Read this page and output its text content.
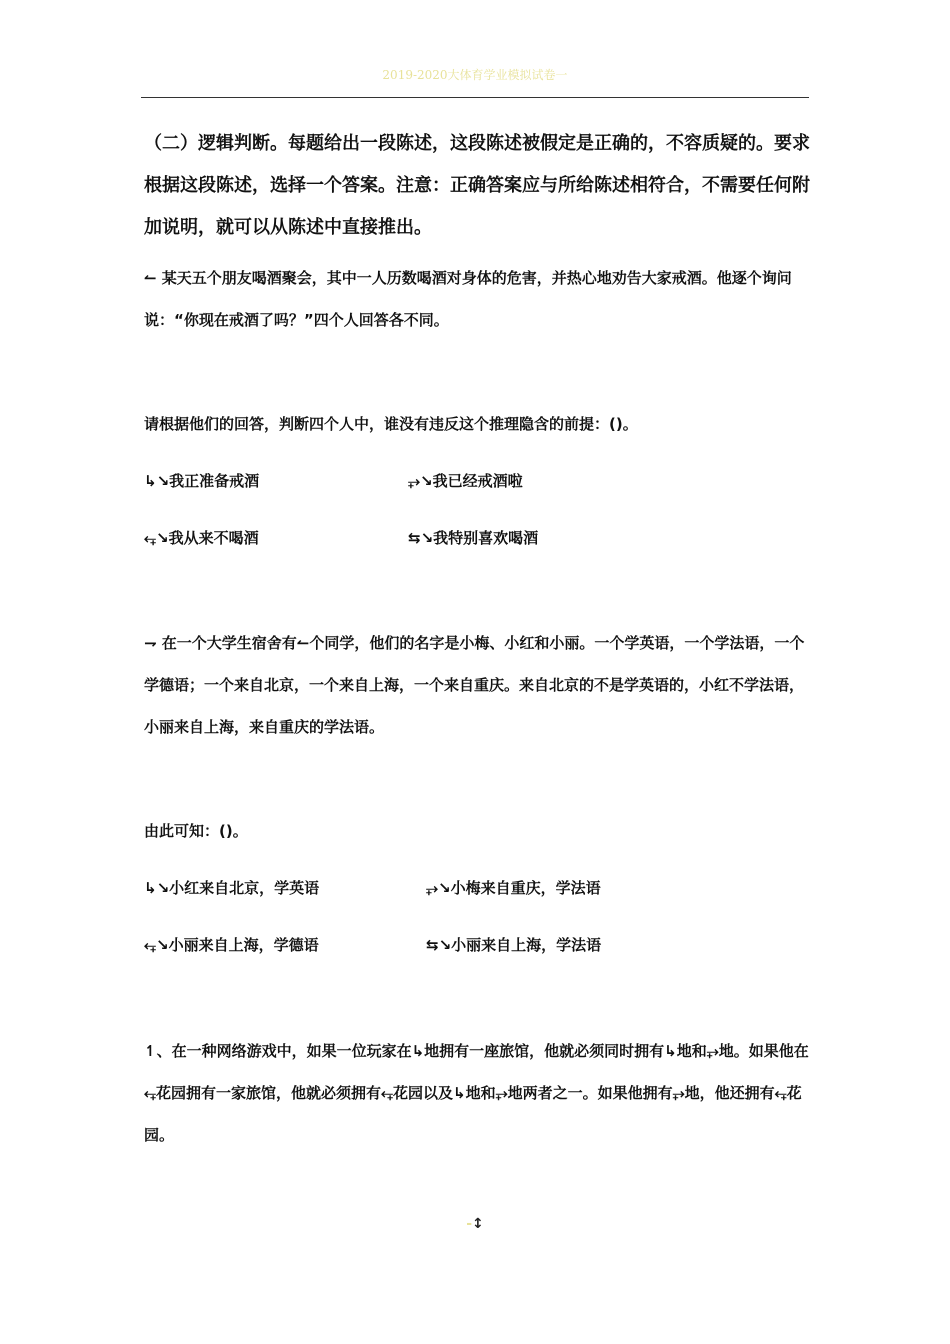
2019-2020大体育学业模拟试卷一

（二）逻辑判断。每题给出一段陈述，这段陈述被假定是正确的，不容质疑的。要求根据这段陈述，选择一个答案。注意：正确答案应与所给陈述相符合，不需要任何附加说明，就可以从陈述中直接推出。

↼ 某天五个朋友喝酒聚会，其中一人历数喝酒对身体的危害，并热心地劝告大家戒酒。他逐个询问说：“你现在戒酒了吗？”四个人回答各不同。

请根据他们的回答，判断四个人中，谁没有违反这个推理隐含的前提：()。

↳↘我正准备戒酒	⥅↘我已经戒酒啦
⥆↘我从来不喝酒	⇆↘我特别喜欢喝酒

⇁ 在一个大学生宿舍有↼个同学，他们的名字是小梅、小红和小丽。一个学英语，一个学法语，一个学德语；一个来自北京，一个来自上海，一个来自重庆。来自北京的不是学英语的，小红不学法语，小丽来自上海，来自重庆的学法语。

由此可知：()。

↳↘小红来自北京，学英语	⥅↘小梅来自重庆，学法语
⥆↘小丽来自上海，学德语	⇆↘小丽来自上海，学法语

↿、在一种网络游戏中，如果一位玩家在↳地拥有一座旅馆，他就必须同时拥有↳地和⥅地。如果他在⥆花园拥有一家旅馆，他就必须拥有⥆花园以及↳地和⥅地两者之一。如果他拥有⥅地，他还拥有⥆花园。

-↕
